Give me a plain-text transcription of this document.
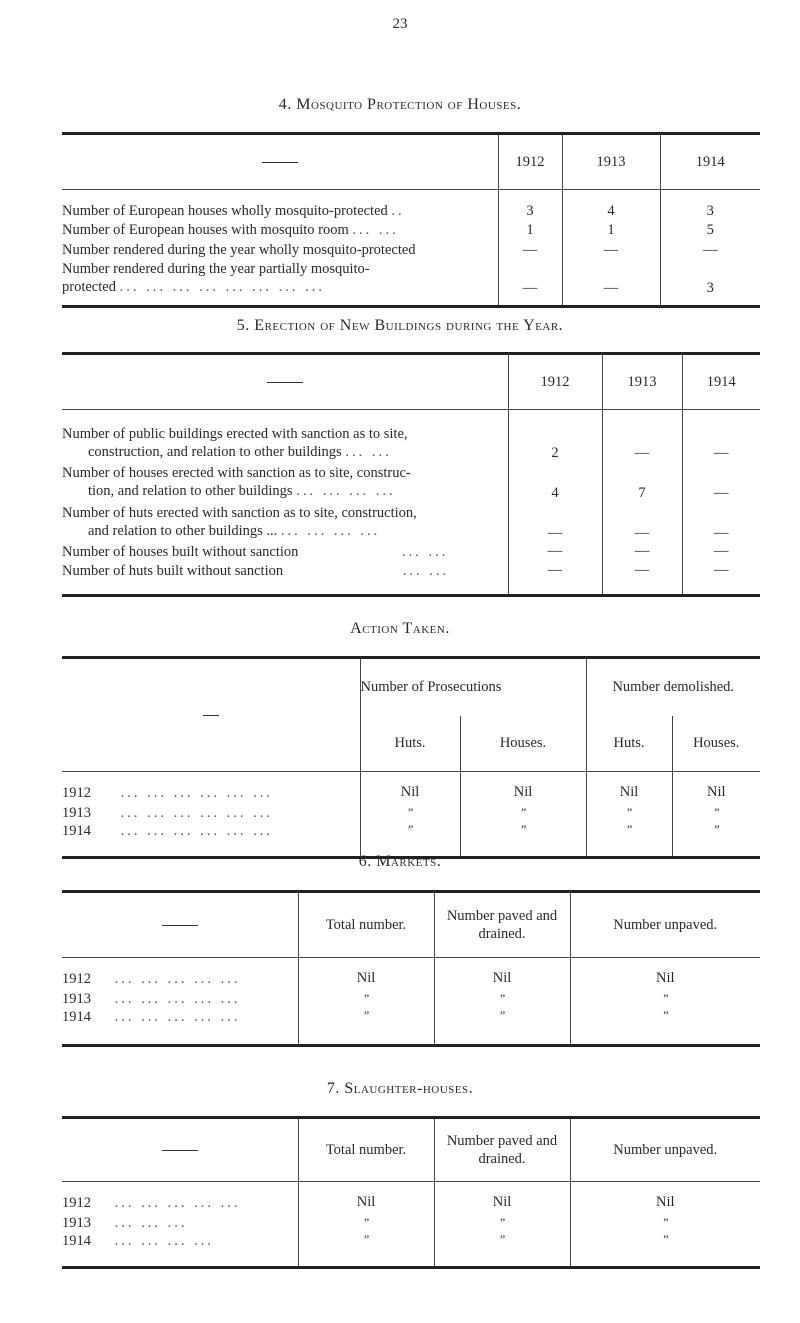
23
4. Mosquito Protection of Houses.
	1912	1913	1914
Number of European houses wholly mosquito-protected ..	3	4	3
Number of European houses with mosquito room ... ...	1	1	5
Number rendered during the year wholly mosquito-protected	—	—	—
Number rendered during the year partially mosquito-
protected ... ... ... ... ... ... ... ...	—	—	3
5. Erection of New Buildings during the Year.
	1912	1913	1914
Number of public buildings erected with sanction as to site,
construction, and relation to other buildings ... ...	2	—	—
Number of houses erected with sanction as to site, construc-
tion, and relation to other buildings ... ... ... ...	4	7	—
Number of huts erected with sanction as to site, construction,
and relation to other buildings ... ... ... ... ...	—	—	—
Number of houses built without sanction ... ...	—	—	—
Number of huts built without sanction ... ...	—	—	—
Action Taken.
	Number of Prosecutions		Number demolished.	
	Huts.	Houses.	Huts.	Houses.
1912 ... ... ... ... ... ...	Nil	Nil	Nil	Nil
1913 ... ... ... ... ... ...	”	”	”	”
1914 ... ... ... ... ... ...	”	”	”	”
6. Markets.
	Total number.	Number paved and drained.	Number unpaved.
1912 ... ... ... ... ...	Nil	Nil	Nil
1913 ... ... ... ... ...	”	”	”
1914 ... ... ... ... ...	”	”	”
7. Slaughter-houses.
	Total number.	Number paved and drained.	Number unpaved.
1912 ... ... ... ... ...	Nil	Nil	Nil
1913 ... ... ...	”	”	”
1914 ... ... ... ...	”	”	”
